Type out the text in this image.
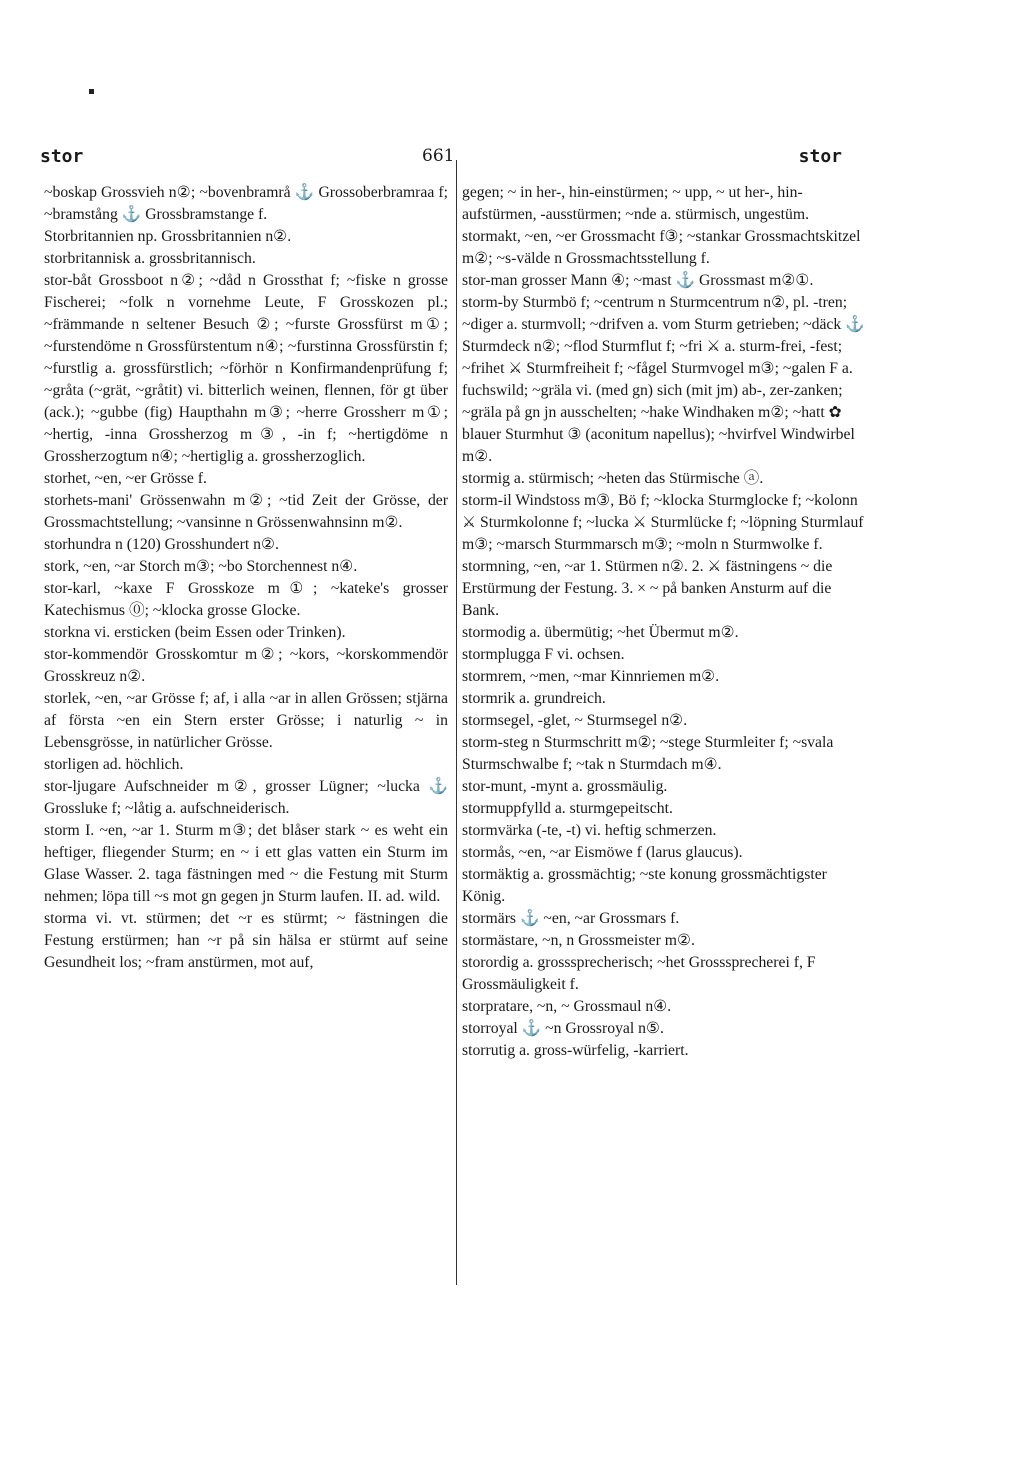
stor	661	stor
~boskap Grossvieh n②; ~bovenbramrå ⚓ Grossoberbramraa f; ~bramstång ⚓ Grossbramstange f.
Storbritannien np. Grossbritannien n②.
storbritannisk a. grossbritannisch.
stor-båt Grossboot n②; ~dåd n Grossthat f; ~fiske n grosse Fischerei; ~folk n vornehme Leute, F Grosskozen pl.; ~främmande n seltener Besuch ②; ~furste Grossfürst m①; ~furstendöme n Grossfürstentum n④; ~furstinna Grossfürstin f; ~furstlig a. grossfürstlich; ~förhör n Konfirmandenprüfung f; ~gråta (~grät, ~gråtit) vi. bitterlich weinen, flennen, för gt über (ack.); ~gubbe (fig) Haupthahn m③; ~herre Grossherr m①; ~hertig, -inna Grossherzog m③, -in f; ~hertigdöme n Grossherzogtum n④; ~hertiglig a. grossherzoglich.
storhet, ~en, ~er Grösse f.
storhets-mani' Grössenwahn m②; ~tid Zeit der Grösse, der Grossmachtstellung; ~vansinne n Grössenwahnsinn m②.
storhundra n (120) Grosshundert n②.
stork, ~en, ~ar Storch m③; ~bo Storchennest n④.
stor-karl, ~kaxe F Grosskoze m①; ~kateke's grosser Katechismus ⓪; ~klocka grosse Glocke.
storkna vi. ersticken (beim Essen oder Trinken).
stor-kommendör Grosskomtur m②; ~kors, ~korskommendör Grosskreuz n②.
storlek, ~en, ~ar Grösse f; af, i alla ~ar in allen Grössen; stjärna af första ~en ein Stern erster Grösse; i naturlig ~ in Lebensgrösse, in natürlicher Grösse.
storligen ad. höchlich.
stor-ljugare Aufschneider m②, grosser Lügner; ~lucka ⚓ Grossluke f; ~låtig a. aufschneiderisch.
storm I. ~en, ~ar 1. Sturm m③; det blåser stark ~ es weht ein heftiger, fliegender Sturm; en ~ i ett glas vatten ein Sturm im Glase Wasser. 2. taga fästningen med ~ die Festung mit Sturm nehmen; löpa till ~s mot gn gegen jn Sturm laufen. II. ad. wild.
storma vi. vt. stürmen; det ~r es stürmt; ~ fästningen die Festung erstürmen; han ~r på sin hälsa er stürmt auf seine Gesundheit los; ~fram anstürmen, mot auf,
gegen; ~ in her-, hin-einstürmen; ~ upp, ~ ut her-, hin-aufstürmen, -ausstürmen; ~nde a. stürmisch, ungestüm.
stormakt, ~en, ~er Grossmacht f③; ~stankar Grossmachtskitzel m②; ~s-välde n Grossmachtsstellung f.
stor-man grosser Mann ④; ~mast ⚓ Grossmast m②①.
storm-by Sturmbö f; ~centrum n Sturmcentrum n②, pl. -tren; ~diger a. sturmvoll; ~drifven a. vom Sturm getrieben; ~däck ⚓ Sturmdeck n②; ~flod Sturmflut f; ~fri ⚔ a. sturm-frei, -fest; ~frihet ⚔ Sturmfreiheit f; ~fågel Sturmvogel m③; ~galen F a. fuchswild; ~gräla vi. (med gn) sich (mit jm) ab-, zer-zanken; ~gräla på gn jn ausschelten; ~hake Windhaken m②; ~hatt ✿ blauer Sturmhut ③ (aconitum napellus); ~hvirfvel Windwirbel m②.
stormig a. stürmisch; ~heten das Stürmische ⓐ.
storm-il Windstoss m③, Bö f; ~klocka Sturmglocke f; ~kolonn ⚔ Sturmkolonne f; ~lucka ⚔ Sturmlücke f; ~löpning Sturmlauf m③; ~marsch Sturmmarsch m③; ~moln n Sturmwolke f.
stormning, ~en, ~ar 1. Stürmen n②. 2. ⚔ fästningens ~ die Erstürmung der Festung. 3. × ~ på banken Ansturm auf die Bank.
stormodig a. übermütig; ~het Übermut m②.
stormplugga F vi. ochsen.
stormrem, ~men, ~mar Kinnriemen m②.
stormrik a. grundreich.
stormsegel, -glet, ~ Sturmsegel n②.
storm-steg n Sturmschritt m②; ~stege Sturmleiter f; ~svala Sturmschwalbe f; ~tak n Sturmdach m④.
stor-munt, -mynt a. grossmäulig.
stormuppfylld a. sturmgepeitscht.
stormvärka (-te, -t) vi. heftig schmerzen.
stormås, ~en, ~ar Eismöwe f (larus glaucus).
stormäktig a. grossmächtig; ~ste konung grossmächtigster König.
stormärs ⚓ ~en, ~ar Grossmars f.
stormästare, ~n, n Grossmeister m②.
storordig a. grosssprecherisch; ~het Grosssprecherei f, F Grossmäuligkeit f.
storpratare, ~n, ~ Grossmaul n④.
storroyal ⚓ ~n Grossroyal n⑤.
storrutig a. gross-würfelig, -karriert.
